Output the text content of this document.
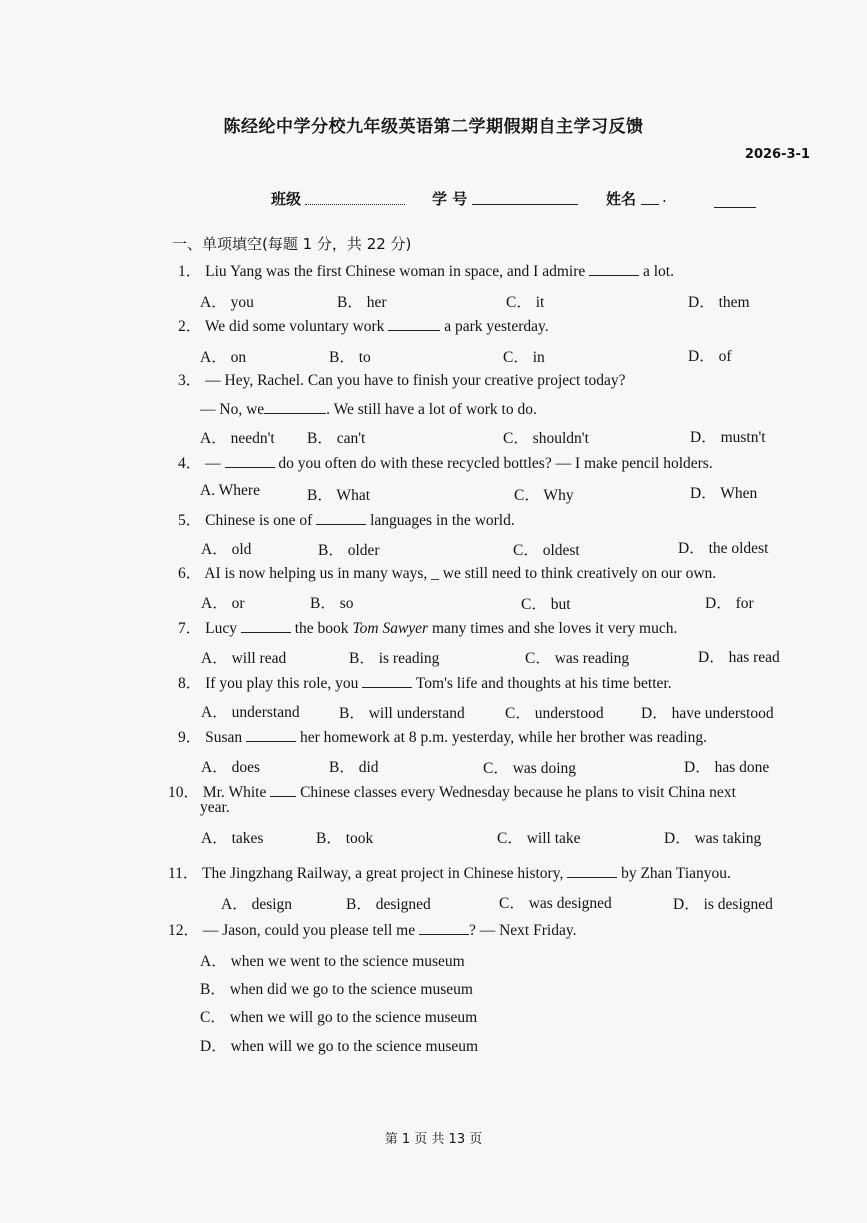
陈经纶中学分校九年级英语第二学期假期自主学习反馈
2026-3-1
班级	学 号	姓名 .
一、单项填空(每题 1 分，共 22 分)
1． Liu Yang was the first Chinese woman in space, and I admire	a lot.
A． you	B． her	C． it	D． them
2． We did some voluntary work	a park yesterday.
A． on	B． to	C． in	D． of
3． — Hey, Rachel. Can you have to finish your creative project today?
— No, we	. We still have a lot of work to do.
A． needn't B． can't	C． shouldn't	D． mustn't
4． —	do you often do with these recycled bottles? — I make pencil holders.
A. Where	B． What	C． Why	D． When
5． Chinese is one of	languages in the world.
A． old	B． older	C． oldest	D． the oldest
6． AI is now helping us in many ways, _ we still need to think creatively on our own.
A． or	B． so	C． but	D． for
7． Lucy	the book Tom Sawyer many times and she loves it very much.
A． will read	B． is reading	C． was reading	D． has read
8． If you play this role, you	Tom's life and thoughts at his time better.
A． understand	B． will understand	C． understood D． have understood
9． Susan	her homework at 8 p.m. yesterday, while her brother was reading.
A． does	B． did	C． was doing	D． has done
10． Mr. White  Chinese classes every Wednesday because he plans to visit China next
year.
A． takes	B． took	C． will take	D． was taking
11． The Jingzhang Railway, a great project in Chinese history,	by Zhan Tianyou.
A． design	B． designed	C． was designed	D． is designed
12． — Jason, could you please tell me	? — Next Friday.
A． when we went to the science museum
B． when did we go to the science museum
C． when we will go to the science museum
D． when will we go to the science museum
第 1 页 共 13 页
